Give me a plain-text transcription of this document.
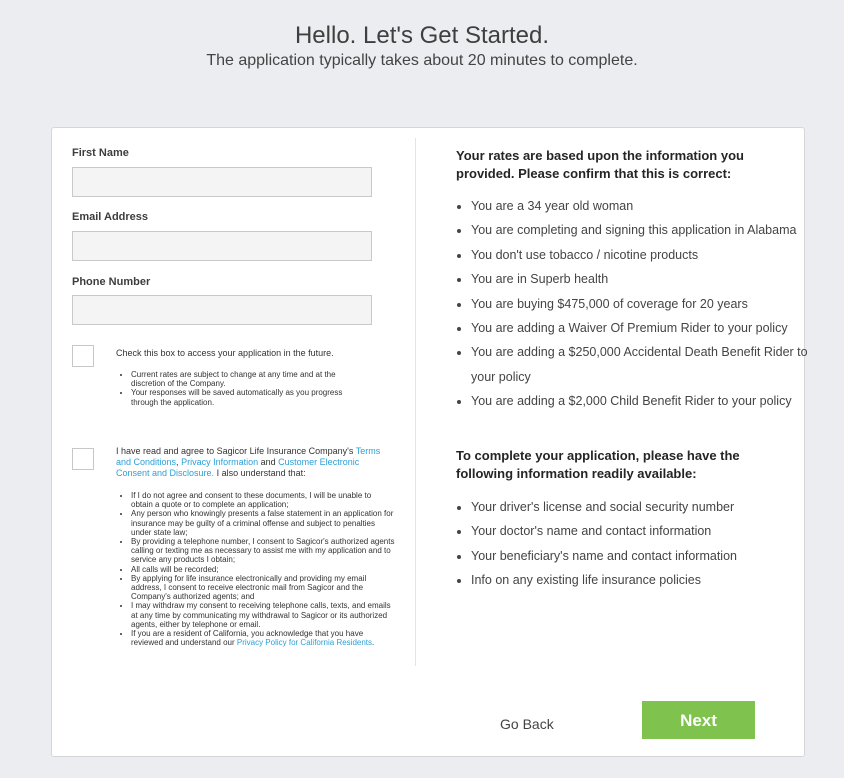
Hello. Let's Get Started.
The application typically takes about 20 minutes to complete.
First Name
Email Address
Phone Number
Check this box to access your application in the future.
• Current rates are subject to change at any time and at the discretion of the Company.
• Your responses will be saved automatically as you progress through the application.
I have read and agree to Sagicor Life Insurance Company's Terms and Conditions, Privacy Information and Customer Electronic Consent and Disclosure. I also understand that:
• If I do not agree and consent to these documents, I will be unable to obtain a quote or to complete an application;
• Any person who knowingly presents a false statement in an application for insurance may be guilty of a criminal offense and subject to penalties under state law;
• By providing a telephone number, I consent to Sagicor's authorized agents calling or texting me as necessary to assist me with my application and to service any products I obtain;
• All calls will be recorded;
• By applying for life insurance electronically and providing my email address, I consent to receive electronic mail from Sagicor and the Company's authorized agents; and
• I may withdraw my consent to receiving telephone calls, texts, and emails at any time by communicating my withdrawal to Sagicor or its authorized agents, either by telephone or email.
• If you are a resident of California, you acknowledge that you have reviewed and understand our Privacy Policy for California Residents.
Your rates are based upon the information you provided. Please confirm that this is correct:
• You are a 34 year old woman
• You are completing and signing this application in Alabama
• You don't use tobacco / nicotine products
• You are in Superb health
• You are buying $475,000 of coverage for 20 years
• You are adding a Waiver Of Premium Rider to your policy
• You are adding a $250,000 Accidental Death Benefit Rider to your policy
• You are adding a $2,000 Child Benefit Rider to your policy
To complete your application, please have the following information readily available:
• Your driver's license and social security number
• Your doctor's name and contact information
• Your beneficiary's name and contact information
• Info on any existing life insurance policies
Go Back	Next
